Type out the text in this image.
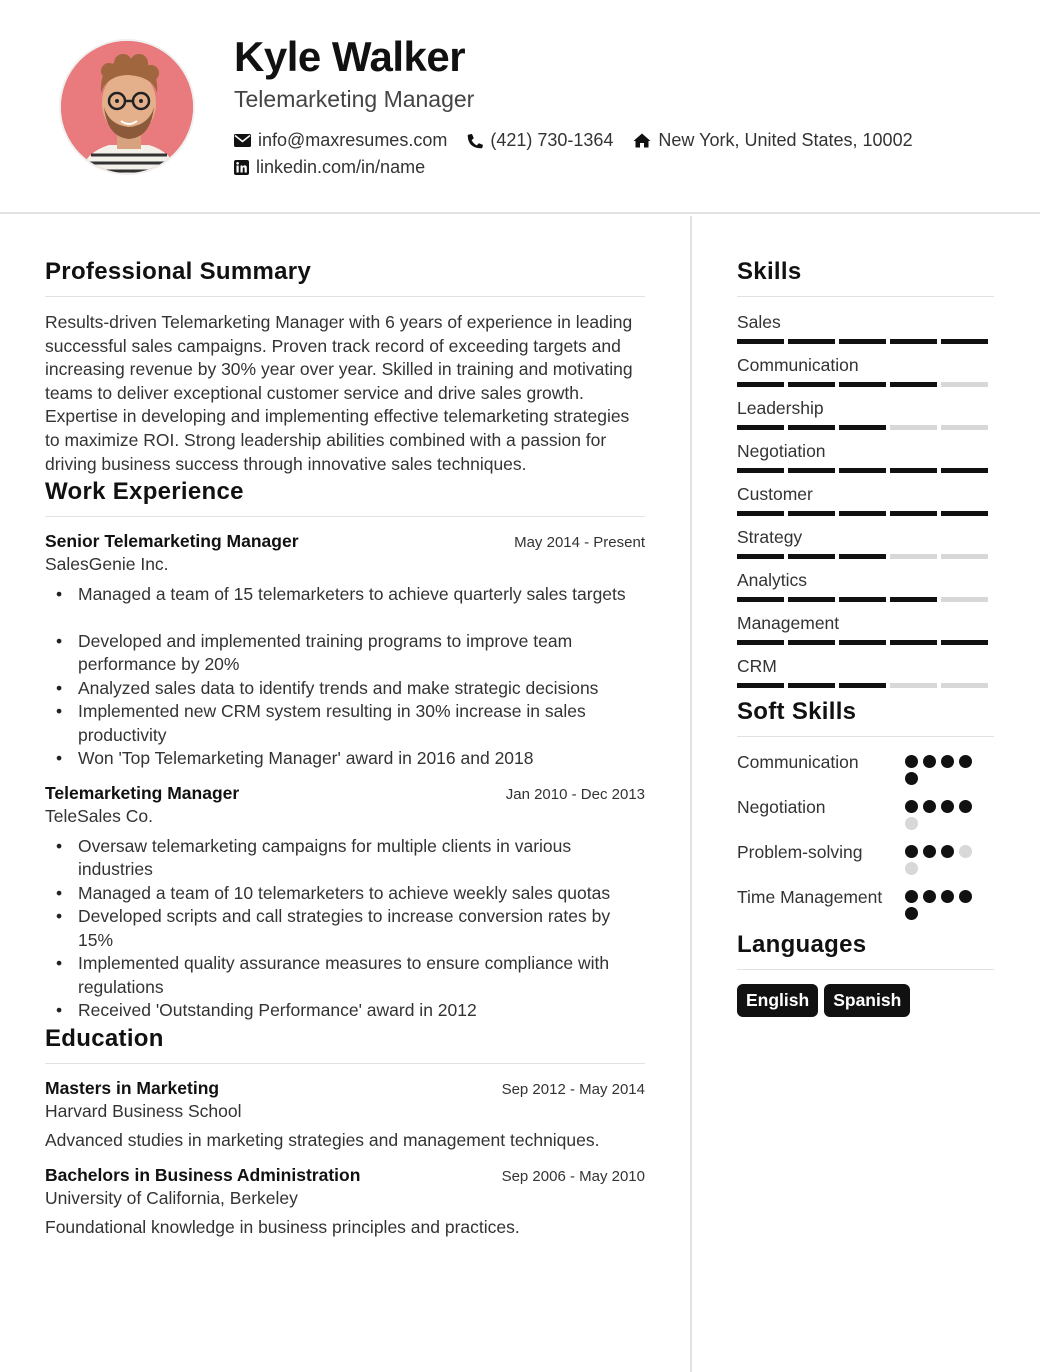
Kyle Walker
Telemarketing Manager
info@maxresumes.com (421) 730-1364	New York, United States, 10002
linkedin.com/in/name
Professional Summary
Results-driven Telemarketing Manager with 6 years of experience in leading successful sales campaigns. Proven track record of exceeding targets and increasing revenue by 30% year over year. Skilled in training and motivating teams to deliver exceptional customer service and drive sales growth. Expertise in developing and implementing effective telemarketing strategies to maximize ROI. Strong leadership abilities combined with a passion for driving business success through innovative sales techniques.
Work Experience
Senior Telemarketing Manager	May 2014 - Present
SalesGenie Inc.
• Managed a team of 15 telemarketers to achieve quarterly sales targets
• Developed and implemented training programs to improve team performance by 20%
• Analyzed sales data to identify trends and make strategic decisions
• Implemented new CRM system resulting in 30% increase in sales productivity
• Won 'Top Telemarketing Manager' award in 2016 and 2018
Telemarketing Manager	Jan 2010 - Dec 2013
TeleSales Co.
• Oversaw telemarketing campaigns for multiple clients in various industries
• Managed a team of 10 telemarketers to achieve weekly sales quotas
• Developed scripts and call strategies to increase conversion rates by 15%
• Implemented quality assurance measures to ensure compliance with regulations
• Received 'Outstanding Performance' award in 2012
Education
Masters in Marketing	Sep 2012 - May 2014
Harvard Business School
Advanced studies in marketing strategies and management techniques.
Bachelors in Business Administration	Sep 2006 - May 2010
University of California, Berkeley
Foundational knowledge in business principles and practices.
Skills
Sales
Communication
Leadership
Negotiation
Customer
Strategy
Analytics
Management
CRM
Soft Skills
Communication
Negotiation
Problem-solving
Time Management
Languages
English	Spanish
